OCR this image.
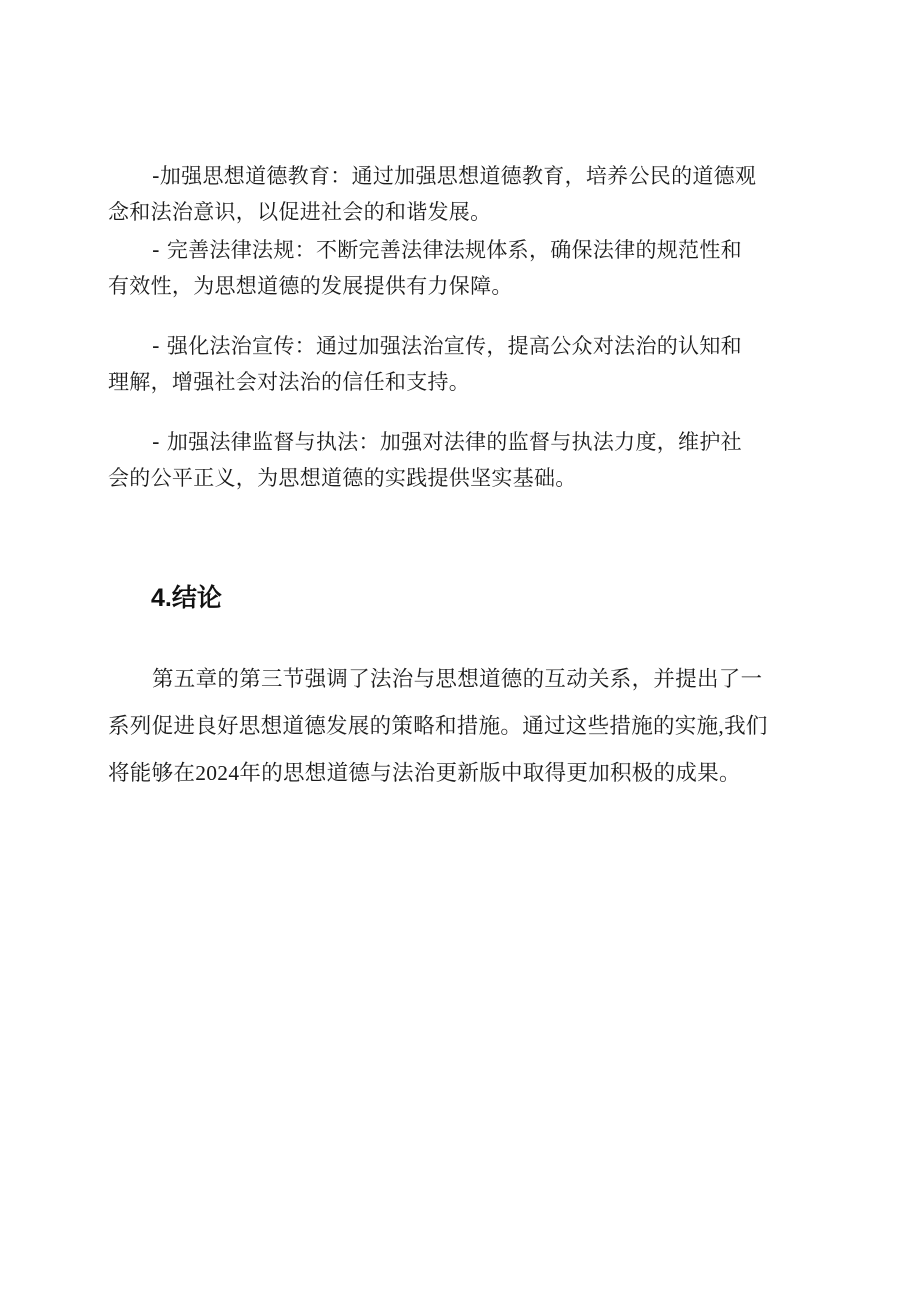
-加强思想道德教育：通过加强思想道德教育，培养公民的道德观
念和法治意识，以促进社会的和谐发展。

- 完善法律法规：不断完善法律法规体系，确保法律的规范性和
有效性，为思想道德的发展提供有力保障。

- 强化法治宣传：通过加强法治宣传，提高公众对法治的认知和
理解，增强社会对法治的信任和支持。

- 加强法律监督与执法：加强对法律的监督与执法力度，维护社
会的公平正义，为思想道德的实践提供坚实基础。

4.结论

第五章的第三节强调了法治与思想道德的互动关系，并提出了一
系列促进良好思想道德发展的策略和措施。通过这些措施的实施,我们
将能够在2024年的思想道德与法治更新版中取得更加积极的成果。
